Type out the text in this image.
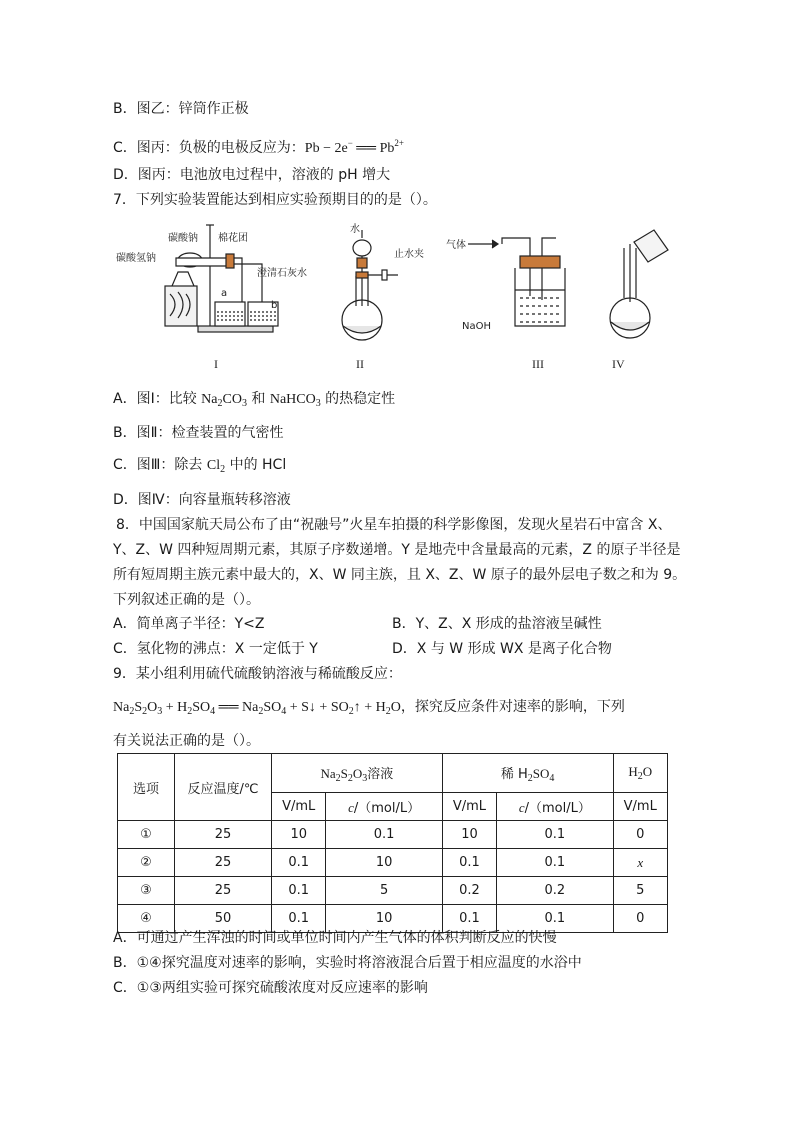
B．图乙：锌筒作正极
C．图丙：负极的电极反应为：Pb − 2e− ══ $Pb^{2+}$
D．图丙：电池放电过程中，溶液的 pH 增大
7．下列实验装置能达到相应实验预期目的的是（）。
碳酸钠 棉花团
碳酸氢钠
澄清石灰水
a
b
I
水
止水夹
II
气体
NaOH
III	IV
A．图Ⅰ：比较 $Na_2CO_3$ 和 NaHCO$_3$ 的热稳定性
B．图Ⅱ：检查装置的气密性
C．图Ⅲ：除去 $Cl_2$ 中的 HCl
D．图Ⅳ：向容量瓶转移溶液
8．中国国家航天局公布了由“祝融号”火星车拍摄的科学影像图，发现火星岩石中富含 X、
Y、Z、W 四种短周期元素，其原子序数递增。Y 是地壳中含量最高的元素，Z 的原子半径是
所有短周期主族元素中最大的，X、W 同主族，且 X、Z、W 原子的最外层电子数之和为 9。
下列叙述正确的是（）。
A．简单离子半径：Y<Z	B．Y、Z、X 形成的盐溶液呈碱性
C．氢化物的沸点：X 一定低于 Y	D．X 与 W 形成 WX 是离子化合物
9．某小组利用硫代硫酸钠溶液与稀硫酸反应：
$Na_2S_2O_3 + H_2SO_4$ ══ $Na_2SO_4$ + S↓ + $SO_2↑ + H_2O$，探究反应条件对速率的影响，下列
有关说法正确的是（）。
选项	反应温度/℃	$Na_2S_2O_3$溶液		稀 $H_2SO_4$		$H_2O$
		V/mL	c/（mol/L）	V/mL	c/（mol/L）	V/mL
①	25	10	0.1	10	0.1	0
②	25	0.1	10	0.1	0.1	x
③	25	0.1	5	0.2	0.2	5
④	50	0.1	10	0.1	0.1	0
A．可通过产生浑浊的时间或单位时间内产生气体的体积判断反应的快慢
B．①④探究温度对速率的影响，实验时将溶液混合后置于相应温度的水浴中
C．①③两组实验可探究硫酸浓度对反应速率的影响
